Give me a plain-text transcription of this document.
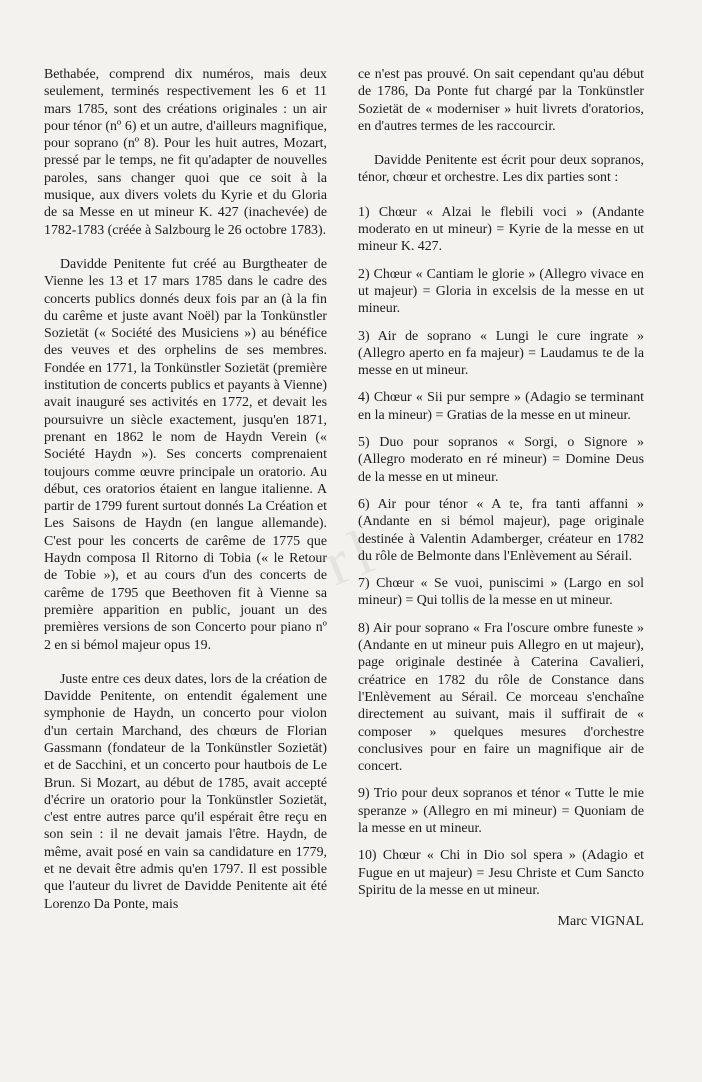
rl

Bethabée, comprend dix numéros, mais deux seulement, terminés respectivement les 6 et 11 mars 1785, sont des créations originales : un air pour ténor (nº 6) et un autre, d'ailleurs magnifique, pour soprano (nº 8). Pour les huit autres, Mozart, pressé par le temps, ne fit qu'adapter de nouvelles paroles, sans changer quoi que ce soit à la musique, aux divers volets du Kyrie et du Gloria de sa Messe en ut mineur K. 427 (inachevée) de 1782-1783 (créée à Salzbourg le 26 octobre 1783).

Davidde Penitente fut créé au Burgtheater de Vienne les 13 et 17 mars 1785 dans le cadre des concerts publics donnés deux fois par an (à la fin du carême et juste avant Noël) par la Tonkünstler Sozietät (« Société des Musiciens ») au bénéfice des veuves et des orphelins de ses membres. Fondée en 1771, la Tonkünstler Sozietät (première institution de concerts publics et payants à Vienne) avait inauguré ses activités en 1772, et devait les poursuivre un siècle exactement, jusqu'en 1871, prenant en 1862 le nom de Haydn Verein (« Société Haydn »). Ses concerts comprenaient toujours comme œuvre principale un oratorio. Au début, ces oratorios étaient en langue italienne. A partir de 1799 furent surtout donnés La Création et Les Saisons de Haydn (en langue allemande). C'est pour les concerts de carême de 1775 que Haydn composa Il Ritorno di Tobia (« le Retour de Tobie »), et au cours d'un des concerts de carême de 1795 que Beethoven fit à Vienne sa première apparition en public, jouant un des premières versions de son Concerto pour piano nº 2 en si bémol majeur opus 19.

Juste entre ces deux dates, lors de la création de Davidde Penitente, on entendit également une symphonie de Haydn, un concerto pour violon d'un certain Marchand, des chœurs de Florian Gassmann (fondateur de la Tonkünstler Sozietät) et de Sacchini, et un concerto pour hautbois de Le Brun. Si Mozart, au début de 1785, avait accepté d'écrire un oratorio pour la Tonkünstler Sozietät, c'est entre autres parce qu'il espérait être reçu en son sein : il ne devait jamais l'être. Haydn, de même, avait posé en vain sa candidature en 1779, et ne devait être admis qu'en 1797. Il est possible que l'auteur du livret de Davidde Penitente ait été Lorenzo Da Ponte, mais

ce n'est pas prouvé. On sait cependant qu'au début de 1786, Da Ponte fut chargé par la Tonkünstler Sozietät de « moderniser » huit livrets d'oratorios, en d'autres termes de les raccourcir.

Davidde Penitente est écrit pour deux sopranos, ténor, chœur et orchestre. Les dix parties sont :

1) Chœur « Alzai le flebili voci » (Andante moderato en ut mineur) = Kyrie de la messe en ut mineur K. 427.

2) Chœur « Cantiam le glorie » (Allegro vivace en ut majeur) = Gloria in excelsis de la messe en ut mineur.

3) Air de soprano « Lungi le cure ingrate » (Allegro aperto en fa majeur) = Laudamus te de la messe en ut mineur.

4) Chœur « Sii pur sempre » (Adagio se terminant en la mineur) = Gratias de la messe en ut mineur.

5) Duo pour sopranos « Sorgi, o Signore » (Allegro moderato en ré mineur) = Domine Deus de la messe en ut mineur.

6) Air pour ténor « A te, fra tanti affanni » (Andante en si bémol majeur), page originale destinée à Valentin Adamberger, créateur en 1782 du rôle de Belmonte dans l'Enlèvement au Sérail.

7) Chœur « Se vuoi, puniscimi » (Largo en sol mineur) = Qui tollis de la messe en ut mineur.

8) Air pour soprano « Fra l'oscure ombre funeste » (Andante en ut mineur puis Allegro en ut majeur), page originale destinée à Caterina Cavalieri, créatrice en 1782 du rôle de Constance dans l'Enlèvement au Sérail. Ce morceau s'enchaîne directement au suivant, mais il suffirait de « composer » quelques mesures d'orchestre conclusives pour en faire un magnifique air de concert.

9) Trio pour deux sopranos et ténor « Tutte le mie speranze » (Allegro en mi mineur) = Quoniam de la messe en ut mineur.

10) Chœur « Chi in Dio sol spera » (Adagio et Fugue en ut majeur) = Jesu Christe et Cum Sancto Spiritu de la messe en ut mineur.

Marc VIGNAL
